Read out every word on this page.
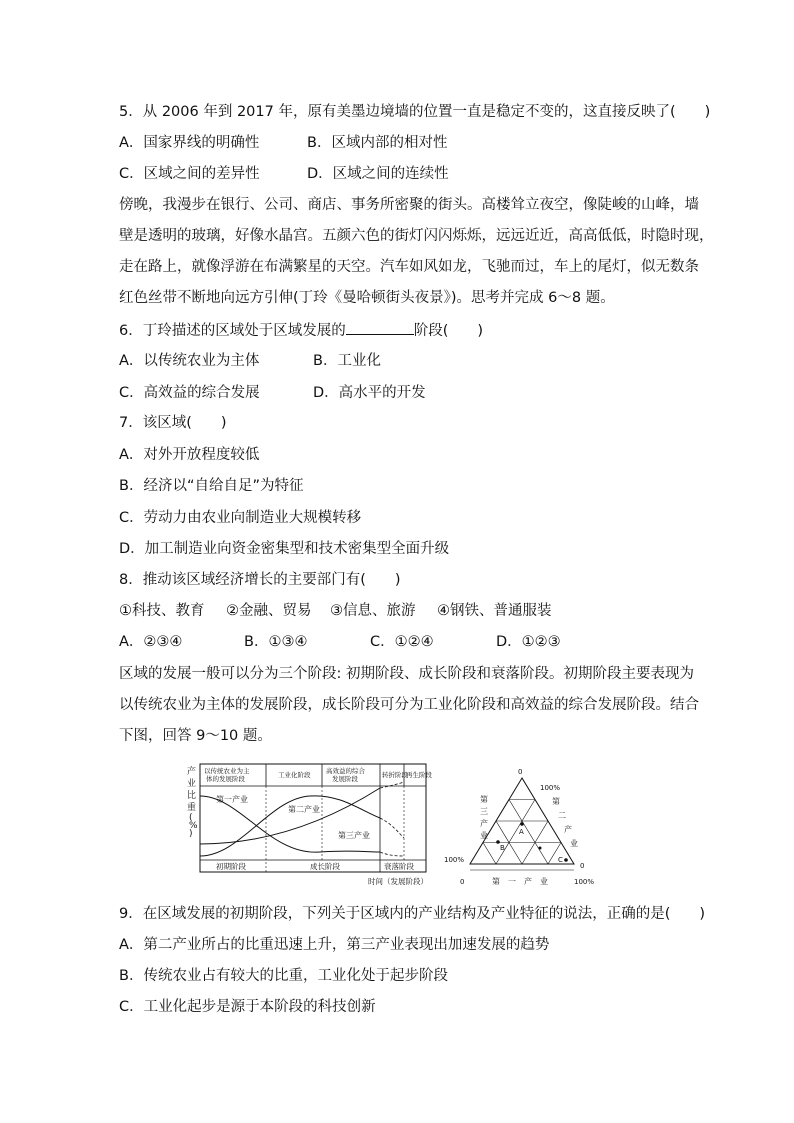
5．从 2006 年到 2017 年，原有美墨边境墙的位置一直是稳定不变的，这直接反映了(　　)
A．国家界线的明确性	B．区域内部的相对性
C．区域之间的差异性	D．区域之间的连续性
傍晚，我漫步在银行、公司、商店、事务所密聚的街头。高楼耸立夜空，像陡峻的山峰，墙
壁是透明的玻璃，好像水晶宫。五颜六色的街灯闪闪烁烁，远远近近，高高低低，时隐时现，
走在路上，就像浮游在布满繁星的天空。汽车如风如龙，飞驰而过，车上的尾灯，似无数条
红色丝带不断地向远方引伸(丁玲《曼哈顿街头夜景》)。思考并完成 6～8 题。
6．丁玲描述的区域处于区域发展的	阶段(　　)
A．以传统农业为主体	B．工业化
C．高效益的综合发展	D．高水平的开发
7．该区域(　　)
A．对外开放程度较低
B．经济以“自给自足”为特征
C．劳动力由农业向制造业大规模转移
D．加工制造业向资金密集型和技术密集型全面升级
8．推动该区域经济增长的主要部门有(　　)
①科技、教育 ②金融、贸易 ③信息、旅游 ④钢铁、普通服装
A．②③④	B．①③④	C．①②④	D．①②③
区域的发展一般可以分为三个阶段: 初期阶段、成长阶段和衰落阶段。初期阶段主要表现为
以传统农业为主体的发展阶段，成长阶段可分为工业化阶段和高效益的综合发展阶段。结合
下图，回答 9～10 题。
产
业
比
重
(
%
)
以传统农业为主
体的发展阶段	工业化阶段 高效益的综合
发展阶段	转折阶段
再生阶段
第一产业
第二产业
第三产业
初期阶段	成长阶段	衰落阶段
时间（发展阶段）
A
B
C
0
100%
100%
0	100%
0
第
三
产
业
第
二
产
业
第　一　产　业
9．在区域发展的初期阶段，下列关于区域内的产业结构及产业特征的说法，正确的是(　　)
A．第二产业所占的比重迅速上升，第三产业表现出加速发展的趋势
B．传统农业占有较大的比重，工业化处于起步阶段
C．工业化起步是源于本阶段的科技创新
